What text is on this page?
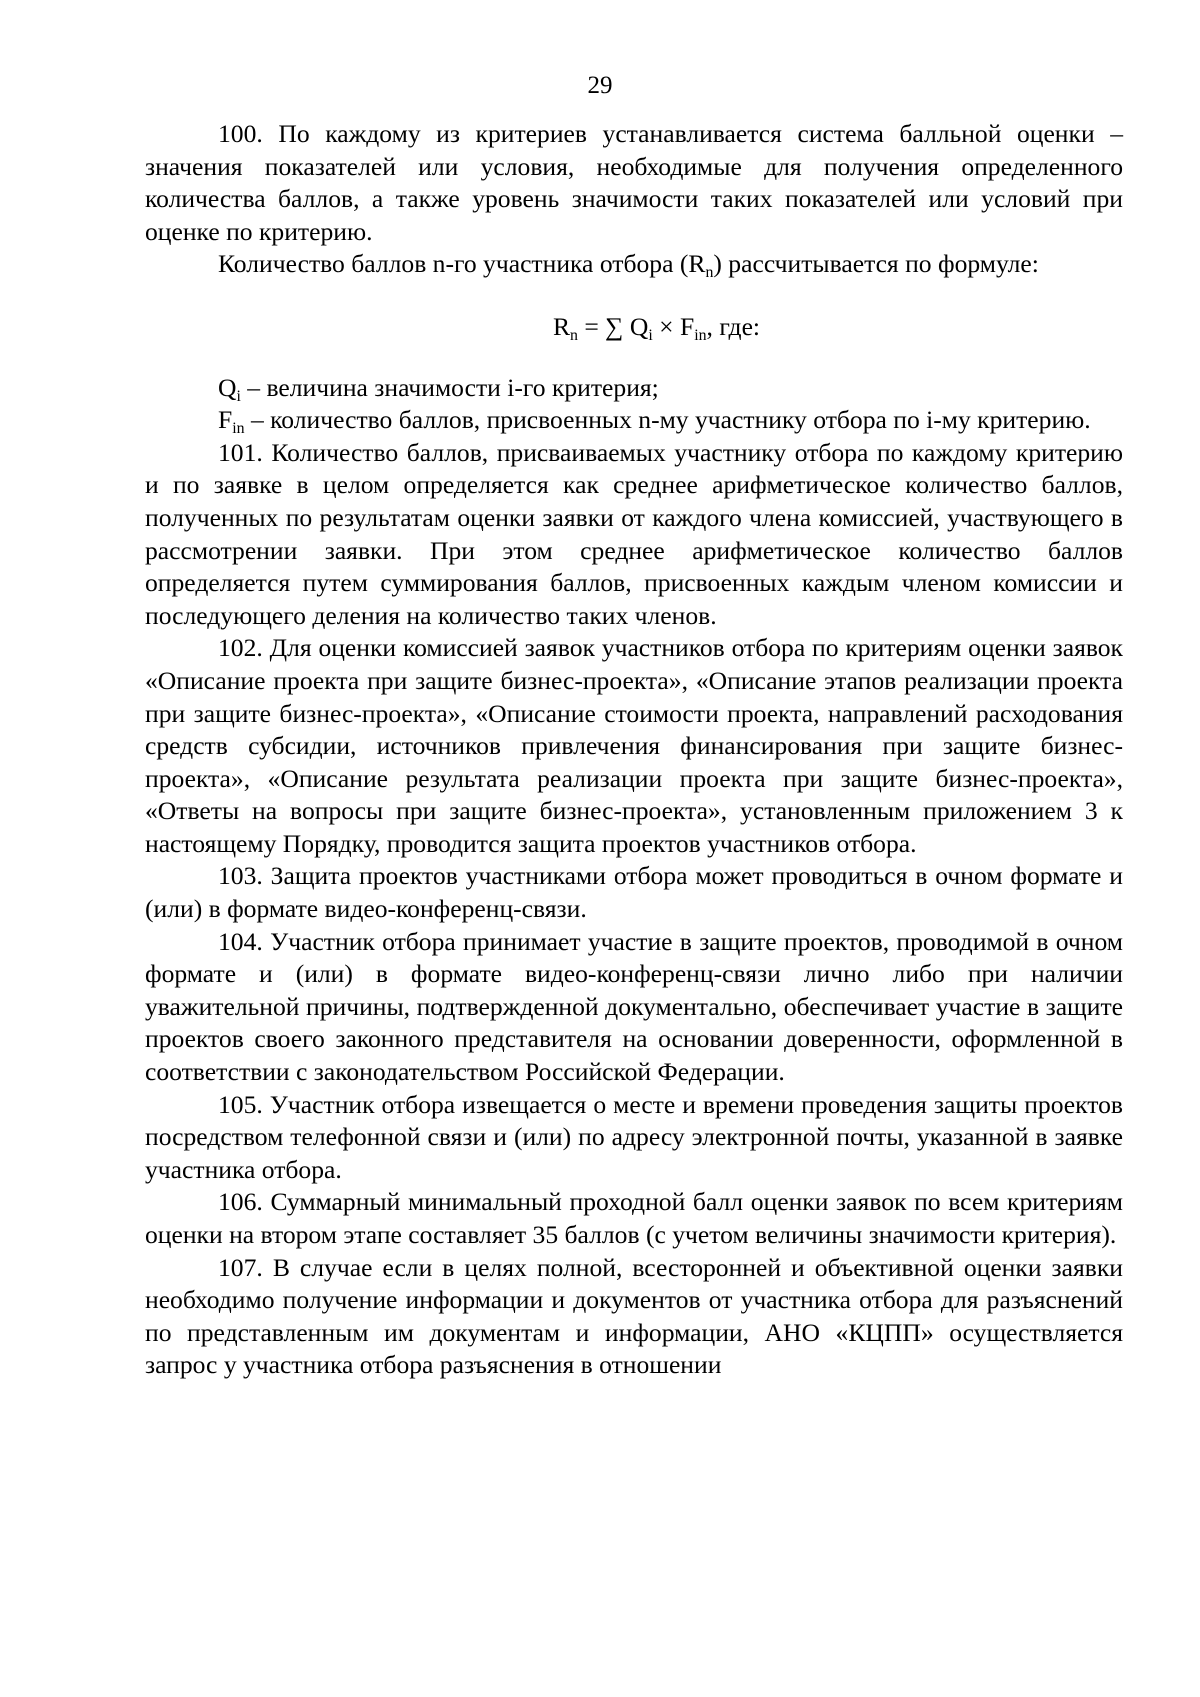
29

100. По каждому из критериев устанавливается система балльной оценки – значения показателей или условия, необходимые для получения определенного количества баллов, а также уровень значимости таких показателей или условий при оценке по критерию.

Количество баллов n-го участника отбора $(R_n)$ рассчитывается по формуле:

$R_n$ = ∑ $Q_i \times F_{in}$, где:

$Q_i$ – величина значимости i-го критерия;

$F_{in}$ – количество баллов, присвоенных n-му участнику отбора по i-му критерию.

101. Количество баллов, присваиваемых участнику отбора по каждому критерию и по заявке в целом определяется как среднее арифметическое количество баллов, полученных по результатам оценки заявки от каждого члена комиссией, участвующего в рассмотрении заявки. При этом среднее арифметическое количество баллов определяется путем суммирования баллов, присвоенных каждым членом комиссии и последующего деления на количество таких членов.

102. Для оценки комиссией заявок участников отбора по критериям оценки заявок «Описание проекта при защите бизнес-проекта», «Описание этапов реализации проекта при защите бизнес-проекта», «Описание стоимости проекта, направлений расходования средств субсидии, источников привлечения финансирования при защите бизнес-проекта», «Описание результата реализации проекта при защите бизнес-проекта», «Ответы на вопросы при защите бизнес-проекта», установленным приложением 3 к настоящему Порядку, проводится защита проектов участников отбора.

103. Защита проектов участниками отбора может проводиться в очном формате и (или) в формате видео-конференц-связи.

104. Участник отбора принимает участие в защите проектов, проводимой в очном формате и (или) в формате видео-конференц-связи лично либо при наличии уважительной причины, подтвержденной документально, обеспечивает участие в защите проектов своего законного представителя на основании доверенности, оформленной в соответствии с законодательством Российской Федерации.

105. Участник отбора извещается о месте и времени проведения защиты проектов посредством телефонной связи и (или) по адресу электронной почты, указанной в заявке участника отбора.

106. Суммарный минимальный проходной балл оценки заявок по всем критериям оценки на втором этапе составляет 35 баллов (с учетом величины значимости критерия).

107. В случае если в целях полной, всесторонней и объективной оценки заявки необходимо получение информации и документов от участника отбора для разъяснений по представленным им документам и информации, АНО «КЦПП» осуществляется запрос у участника отбора разъяснения в отношении
